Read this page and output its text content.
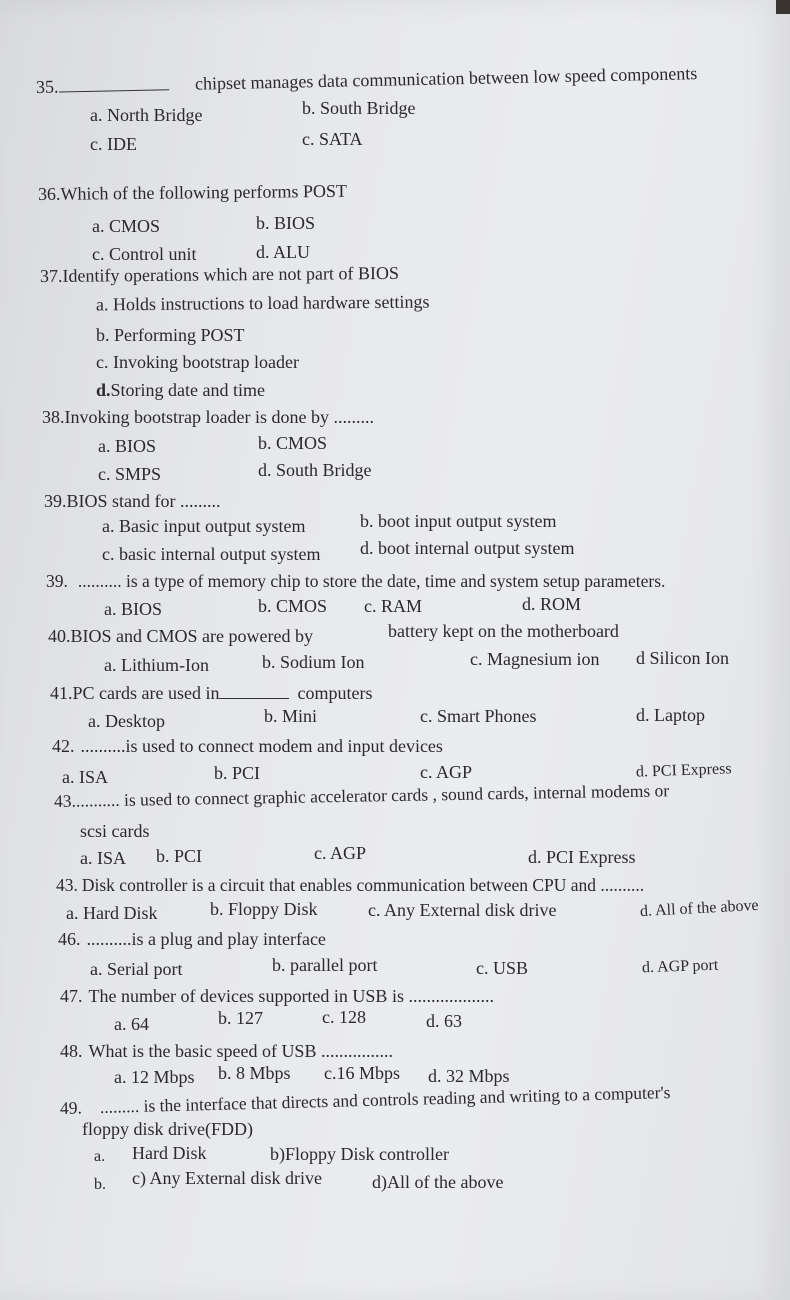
35.	chipset manages data communication between low speed components
a. North Bridge	b. South Bridge
c. IDE	c. SATA
36.Which of the following performs POST
a. CMOS	b. BIOS
c. Control unit	d. ALU
37.Identify operations which are not part of BIOS
a. Holds instructions to load hardware settings
b. Performing POST
c. Invoking bootstrap loader
d.Storing date and time
38.Invoking bootstrap loader is done by .........
a. BIOS	b. CMOS
c. SMPS	d. South Bridge
39.BIOS stand for .........
a. Basic input output system	b. boot input output system
c. basic internal output system d. boot internal output system
39. .......... is a type of memory chip to store the date, time and system setup parameters.
a. BIOS	b. CMOS c. RAM	d. ROM
40.BIOS and CMOS are powered by	battery kept on the motherboard
a. Lithium-Ion	b. Sodium Ion	c. Magnesium ion d Silicon Ion
41.PC cards are used in	computers
a. Desktop	b. Mini	c. Smart Phones	d. Laptop
42. ..........is used to connect modem and input devices
a. ISA	b. PCI	c. AGP	d. PCI Express
43........... is used to connect graphic accelerator cards , sound cards, internal modems or
scsi cards
a. ISA b. PCI	c. AGP	d. PCI Express
43. Disk controller is a circuit that enables communication between CPU and ..........
a. Hard Disk	b. Floppy Disk	c. Any External disk drive	d. All of the above
46. ..........is a plug and play interface
a. Serial port	b. parallel port	c. USB	d. AGP port
47. The number of devices supported in USB is ...................
a. 64	b. 127	c. 128	d. 63
48. What is the basic speed of USB ................
a. 12 Mbps b. 8 Mbps c.16 Mbps d. 32 Mbps
49. ......... is the interface that directs and controls reading and writing to a computer's
floppy disk drive(FDD)
a. Hard Disk	b)Floppy Disk controller
b. c) Any External disk drive	d)All of the above
